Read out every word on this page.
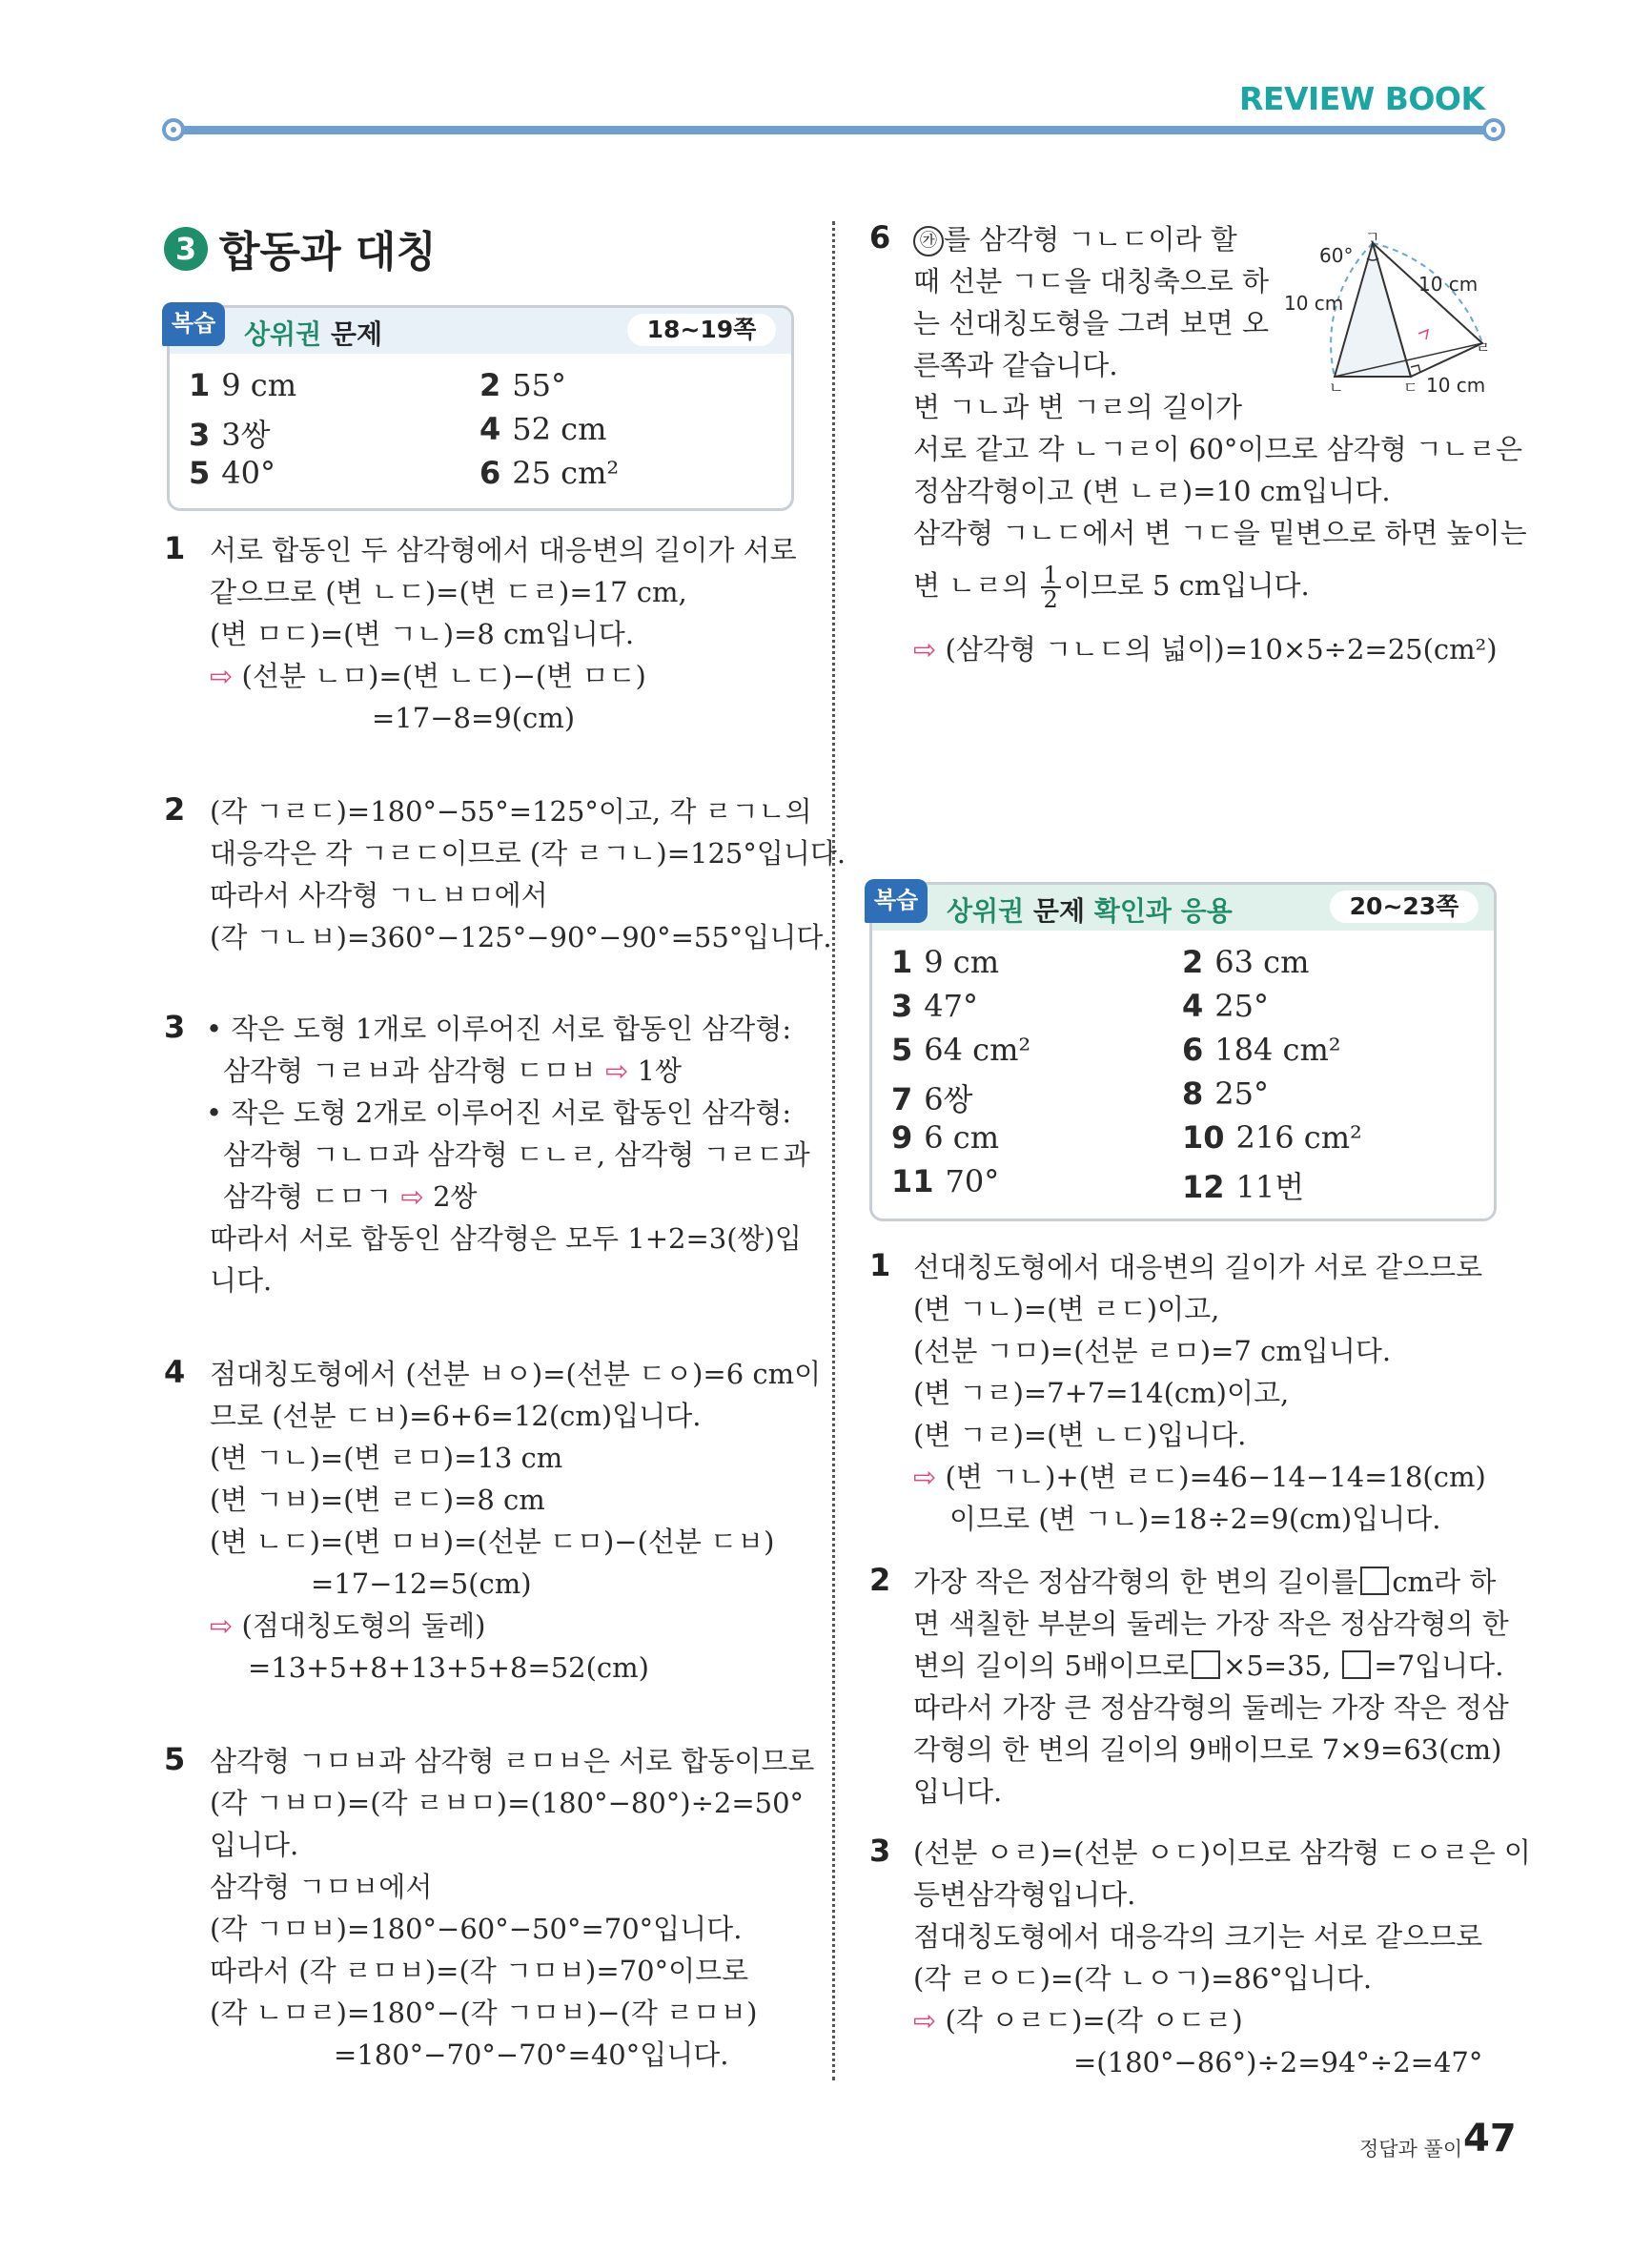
REVIEW BOOK
3 합동과 대칭
복습	상위권 문제	18~19쪽
1 9 cm	2 55°
3 3쌍	4 52 cm
5 40°	6 25 cm²
1 서로 합동인 두 삼각형에서 대응변의 길이가 서로
같으므로 (변 ㄴㄷ)=(변 ㄷㄹ)=17 cm,
(변 ㅁㄷ)=(변 ㄱㄴ)=8 cm입니다.
⇨ (선분 ㄴㅁ)=(변 ㄴㄷ)−(변 ㅁㄷ)
=17−8=9(cm)
2 (각 ㄱㄹㄷ)=180°−55°=125°이고, 각 ㄹㄱㄴ의
대응각은 각 ㄱㄹㄷ이므로 (각 ㄹㄱㄴ)=125°입니다.
따라서 사각형 ㄱㄴㅂㅁ에서
(각 ㄱㄴㅂ)=360°−125°−90°−90°=55°입니다.
3 • 작은 도형 1개로 이루어진 서로 합동인 삼각형:
삼각형 ㄱㄹㅂ과 삼각형 ㄷㅁㅂ ⇨ 1쌍
• 작은 도형 2개로 이루어진 서로 합동인 삼각형:
삼각형 ㄱㄴㅁ과 삼각형 ㄷㄴㄹ, 삼각형 ㄱㄹㄷ과
삼각형 ㄷㅁㄱ ⇨ 2쌍
따라서 서로 합동인 삼각형은 모두 1+2=3(쌍)입
니다.
4 점대칭도형에서 (선분 ㅂㅇ)=(선분 ㄷㅇ)=6 cm이
므로 (선분 ㄷㅂ)=6+6=12(cm)입니다.
(변 ㄱㄴ)=(변 ㄹㅁ)=13 cm
(변 ㄱㅂ)=(변 ㄹㄷ)=8 cm
(변 ㄴㄷ)=(변 ㅁㅂ)=(선분 ㄷㅁ)−(선분 ㄷㅂ)
=17−12=5(cm)
⇨ (점대칭도형의 둘레)
=13+5+8+13+5+8=52(cm)
5 삼각형 ㄱㅁㅂ과 삼각형 ㄹㅁㅂ은 서로 합동이므로
(각 ㄱㅂㅁ)=(각 ㄹㅂㅁ)=(180°−80°)÷2=50°
입니다.
삼각형 ㄱㅁㅂ에서
(각 ㄱㅁㅂ)=180°−60°−50°=70°입니다.
따라서 (각 ㄹㅁㅂ)=(각 ㄱㅁㅂ)=70°이므로
(각 ㄴㅁㄹ)=180°−(각 ㄱㅁㅂ)−(각 ㄹㅁㅂ)
=180°−70°−70°=40°입니다.
6	㉮ 를 삼각형 ㄱㄴㄷ이라 할
때 선분 ㄱㄷ을 대칭축으로 하
는 선대칭도형을 그려 보면 오
른쪽과 같습니다.
변 ㄱㄴ과 변 ㄱㄹ의 길이가
서로 같고 각 ㄴㄱㄹ이 60°이므로 삼각형 ㄱㄴㄹ은
정삼각형이고 (변 ㄴㄹ)=10 cm입니다.
삼각형 ㄱㄴㄷ에서 변 ㄱㄷ을 밑변으로 하면 높이는
변 ㄴㄹ의 $\frac{1}{2}$ 이므로 5 cm입니다.
⇨ (삼각형 ㄱㄴㄷ의 넓이)=10×5÷2=25(cm²)
60°
10 cm
10 cm
10 cm
ㄱ
ㄴ	ㄷ
ㄹ
복습	상위권 문제 확인과 응용	20~23쪽
1 9 cm	2 63 cm
3 47°	4 25°
5 64 cm²	6 184 cm²
7 6쌍	8 25°
9 6 cm	10 216 cm²
11 70°	12 11번
1 선대칭도형에서 대응변의 길이가 서로 같으므로
(변 ㄱㄴ)=(변 ㄹㄷ)이고,
(선분 ㄱㅁ)=(선분 ㄹㅁ)=7 cm입니다.
(변 ㄱㄹ)=7+7=14(cm)이고,
(변 ㄱㄹ)=(변 ㄴㄷ)입니다.
⇨ (변 ㄱㄴ)+(변 ㄹㄷ)=46−14−14=18(cm)
이므로 (변 ㄱㄴ)=18÷2=9(cm)입니다.
2 가장 작은 정삼각형의 한 변의 길이를 cm라 하
면 색칠한 부분의 둘레는 가장 작은 정삼각형의 한
변의 길이의 5배이므로 ×5=35, =7입니다.
따라서 가장 큰 정삼각형의 둘레는 가장 작은 정삼
각형의 한 변의 길이의 9배이므로 7×9=63(cm)
입니다.
3 (선분 ㅇㄹ)=(선분 ㅇㄷ)이므로 삼각형 ㄷㅇㄹ은 이
등변삼각형입니다.
점대칭도형에서 대응각의 크기는 서로 같으므로
(각 ㄹㅇㄷ)=(각 ㄴㅇㄱ)=86°입니다.
⇨ (각 ㅇㄹㄷ)=(각 ㅇㄷㄹ)
=(180°−86°)÷2=94°÷2=47°
정답과 풀이 47
